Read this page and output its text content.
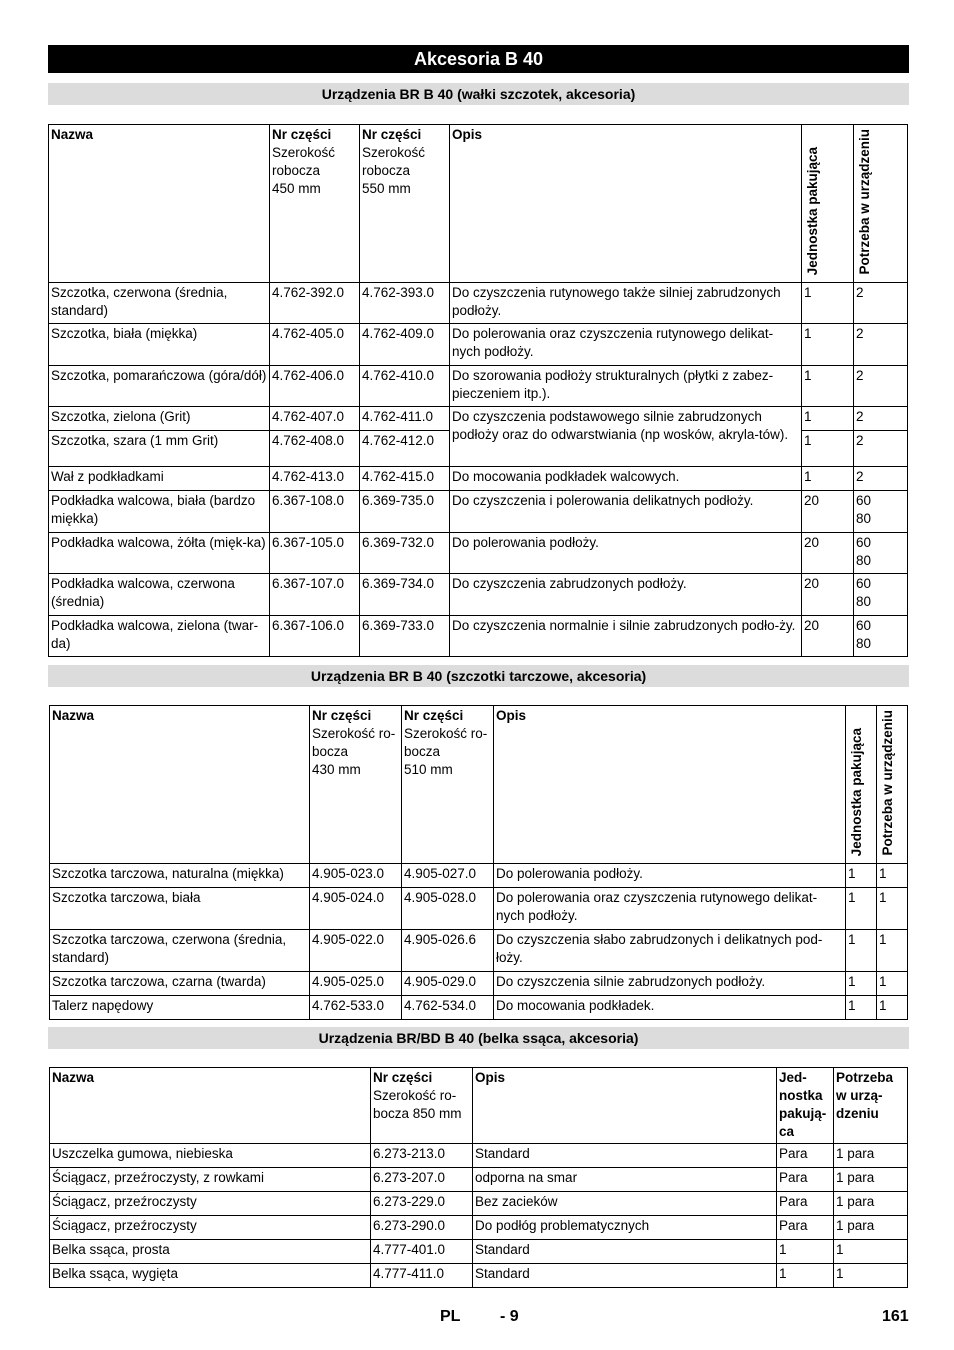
Akcesoria B 40
Urządzenia BR B 40 (wałki szczotek, akcesoria)
Nazwa	Nr części
Szerokość
robocza
450 mm	Nr części
Szerokość
robocza
550 mm	Opis	Jednostka pakująca	Potrzeba w urządzeniu
Szczotka, czerwona (średnia, standard)	4.762-392.0	4.762-393.0	Do czyszczenia rutynowego także silniej zabrudzonych podłoży.	1	2
Szczotka, biała (miękka)	4.762-405.0	4.762-409.0	Do polerowania oraz czyszczenia rutynowego delikat-nych podłoży.	1	2
Szczotka, pomarańczowa (góra/dół)	4.762-406.0	4.762-410.0	Do szorowania podłoży strukturalnych (płytki z zabez-pieczeniem itp.).	1	2
Szczotka, zielona (Grit)	4.762-407.0	4.762-411.0	Do czyszczenia podstawowego silnie zabrudzonych podłoży oraz do odwarstwiania (np wosków, akryla-tów).	1	2
Szczotka, szara (1 mm Grit)	4.762-408.0	4.762-412.0		1	2
Wał z podkładkami	4.762-413.0	4.762-415.0	Do mocowania podkładek walcowych.	1	2
Podkładka walcowa, biała (bardzo miękka)	6.367-108.0	6.369-735.0	Do czyszczenia i polerowania delikatnych podłoży.	20	60
80
Podkładka walcowa, żółta (mięk-ka)	6.367-105.0	6.369-732.0	Do polerowania podłoży.	20	60
80
Podkładka walcowa, czerwona (średnia)	6.367-107.0	6.369-734.0	Do czyszczenia zabrudzonych podłoży.	20	60
80
Podkładka walcowa, zielona (twar-da)	6.367-106.0	6.369-733.0	Do czyszczenia normalnie i silnie zabrudzonych podło-ży.	20	60
80
Urządzenia BR B 40 (szczotki tarczowe, akcesoria)
Nazwa	Nr części
Szerokość ro-
bocza
430 mm	Nr części
Szerokość ro-
bocza
510 mm	Opis	Jednostka pakująca	Potrzeba w urządzeniu
Szczotka tarczowa, naturalna (miękka)	4.905-023.0	4.905-027.0	Do polerowania podłoży.	1	1
Szczotka tarczowa, biała	4.905-024.0	4.905-028.0	Do polerowania oraz czyszczenia rutynowego delikat-nych podłoży.	1	1
Szczotka tarczowa, czerwona (średnia, standard)	4.905-022.0	4.905-026.6	Do czyszczenia słabo zabrudzonych i delikatnych pod-łoży.	1	1
Szczotka tarczowa, czarna (twarda)	4.905-025.0	4.905-029.0	Do czyszczenia silnie zabrudzonych podłoży.	1	1
Talerz napędowy	4.762-533.0	4.762-534.0	Do mocowania podkładek.	1	1
Urządzenia BR/BD B 40 (belka ssąca, akcesoria)
Nazwa	Nr części
Szerokość ro-
bocza 850 mm	Opis	Jed-
nostka
pakują-
ca	Potrzeba
w urzą-
dzeniu

Uszczelka gumowa, niebieska	6.273-213.0	Standard	Para	1 para
Ściągacz, przeźroczysty, z rowkami	6.273-207.0	odporna na smar	Para	1 para
Ściągacz, przeźroczysty	6.273-229.0	Bez zacieków	Para	1 para
Ściągacz, przeźroczysty	6.273-290.0	Do podłóg problematycznych	Para	1 para
Belka ssąca, prosta	4.777-401.0	Standard	1	1
Belka ssąca, wygięta	4.777-411.0	Standard	1	1
PL - 9	161
